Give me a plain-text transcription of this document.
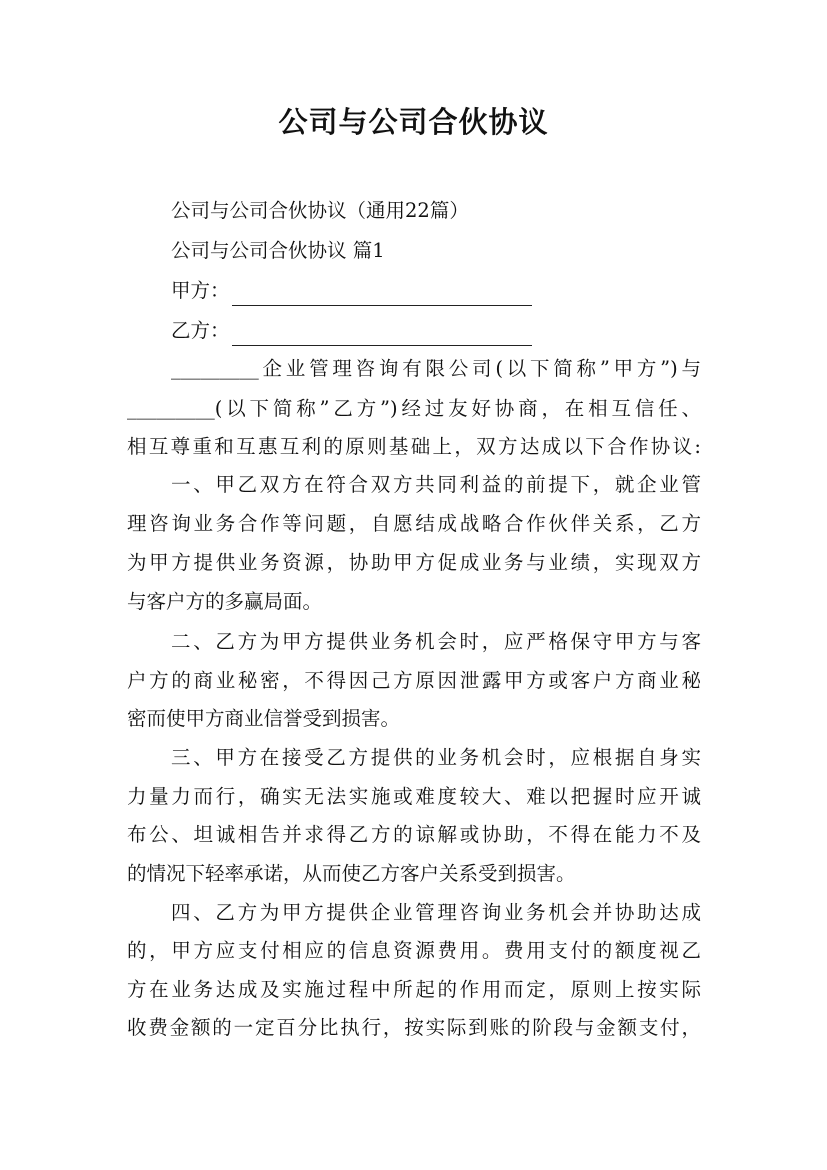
公司与公司合伙协议
公司与公司合伙协议（通用22篇）
公司与公司合伙协议 篇1
甲方：
乙方：
_________企业管理咨询有限公司(以下简称”甲方”)与
_________(以下简称”乙方”)经过友好协商，在相互信任、
相互尊重和互惠互利的原则基础上，双方达成以下合作协议:
一、甲乙双方在符合双方共同利益的前提下，就企业管
理咨询业务合作等问题，自愿结成战略合作伙伴关系，乙方
为甲方提供业务资源，协助甲方促成业务与业绩，实现双方
与客户方的多赢局面。
二、乙方为甲方提供业务机会时，应严格保守甲方与客
户方的商业秘密，不得因己方原因泄露甲方或客户方商业秘
密而使甲方商业信誉受到损害。
三、甲方在接受乙方提供的业务机会时，应根据自身实
力量力而行，确实无法实施或难度较大、难以把握时应开诚
布公、坦诚相告并求得乙方的谅解或协助，不得在能力不及
的情况下轻率承诺，从而使乙方客户关系受到损害。
四、乙方为甲方提供企业管理咨询业务机会并协助达成
的，甲方应支付相应的信息资源费用。费用支付的额度视乙
方在业务达成及实施过程中所起的作用而定，原则上按实际
收费金额的一定百分比执行，按实际到账的阶段与金额支付，
